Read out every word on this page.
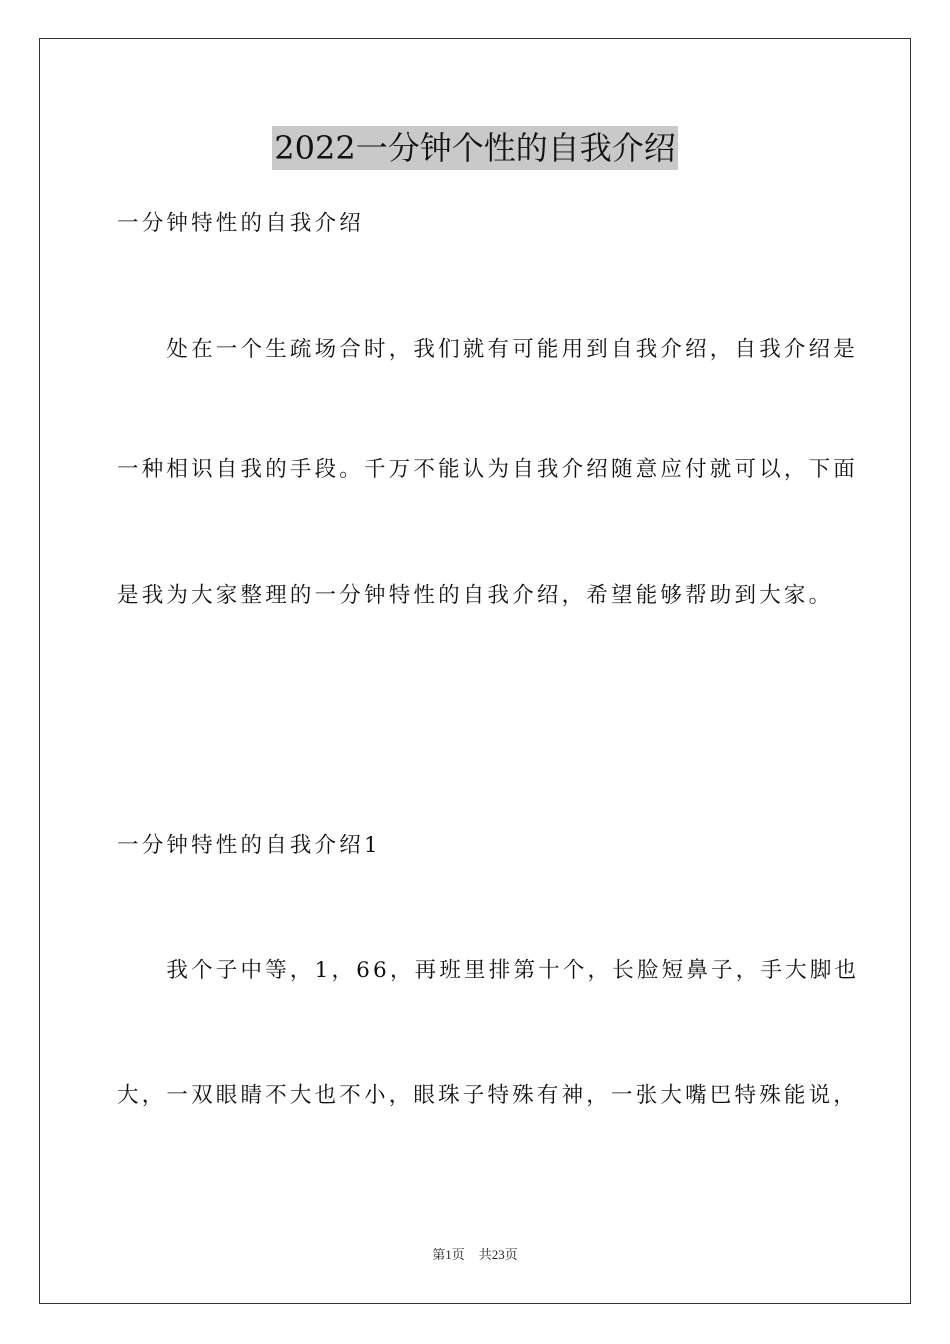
2022一分钟个性的自我介绍

一分钟特性的自我介绍

　　处在一个生疏场合时，我们就有可能用到自我介绍，自我介绍是

一种相识自我的手段。千万不能认为自我介绍随意应付就可以，下面

是我为大家整理的一分钟特性的自我介绍，希望能够帮助到大家。

一分钟特性的自我介绍1

　　我个子中等，1，66，再班里排第十个，长脸短鼻子，手大脚也

大，一双眼睛不大也不小，眼珠子特殊有神，一张大嘴巴特殊能说，

第1页 共23页
